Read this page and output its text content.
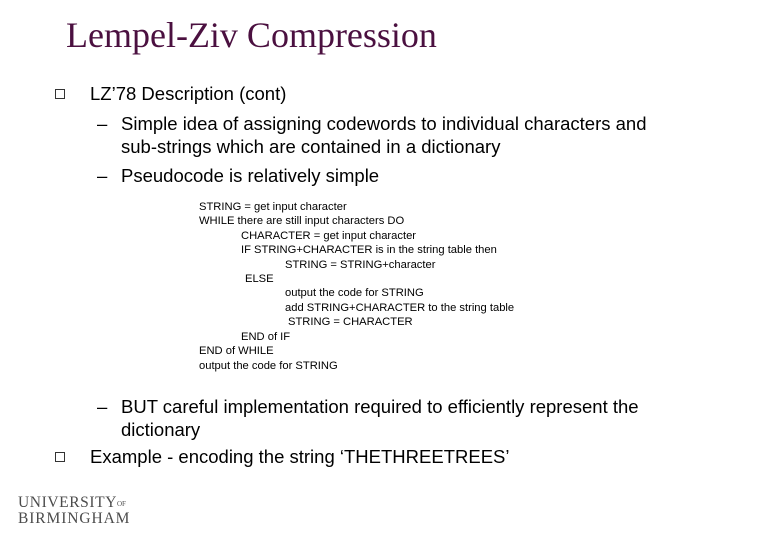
Lempel-Ziv Compression
LZ’78 Description (cont)
– Simple idea of assigning codewords to individual characters and
sub-strings which are contained in a dictionary
– Pseudocode is relatively simple
STRING = get input character
WHILE there are still input characters DO
CHARACTER = get input character
IF STRING+CHARACTER is in the string table then
STRING = STRING+character
ELSE
output the code for STRING
add STRING+CHARACTER to the string table
STRING = CHARACTER
END of IF
END of WHILE
output the code for STRING
– BUT careful implementation required to efficiently represent the
dictionary
Example - encoding the string ‘THETHREETREES’
$UNIVERSITY^{OF}$
BIRMINGHAM
